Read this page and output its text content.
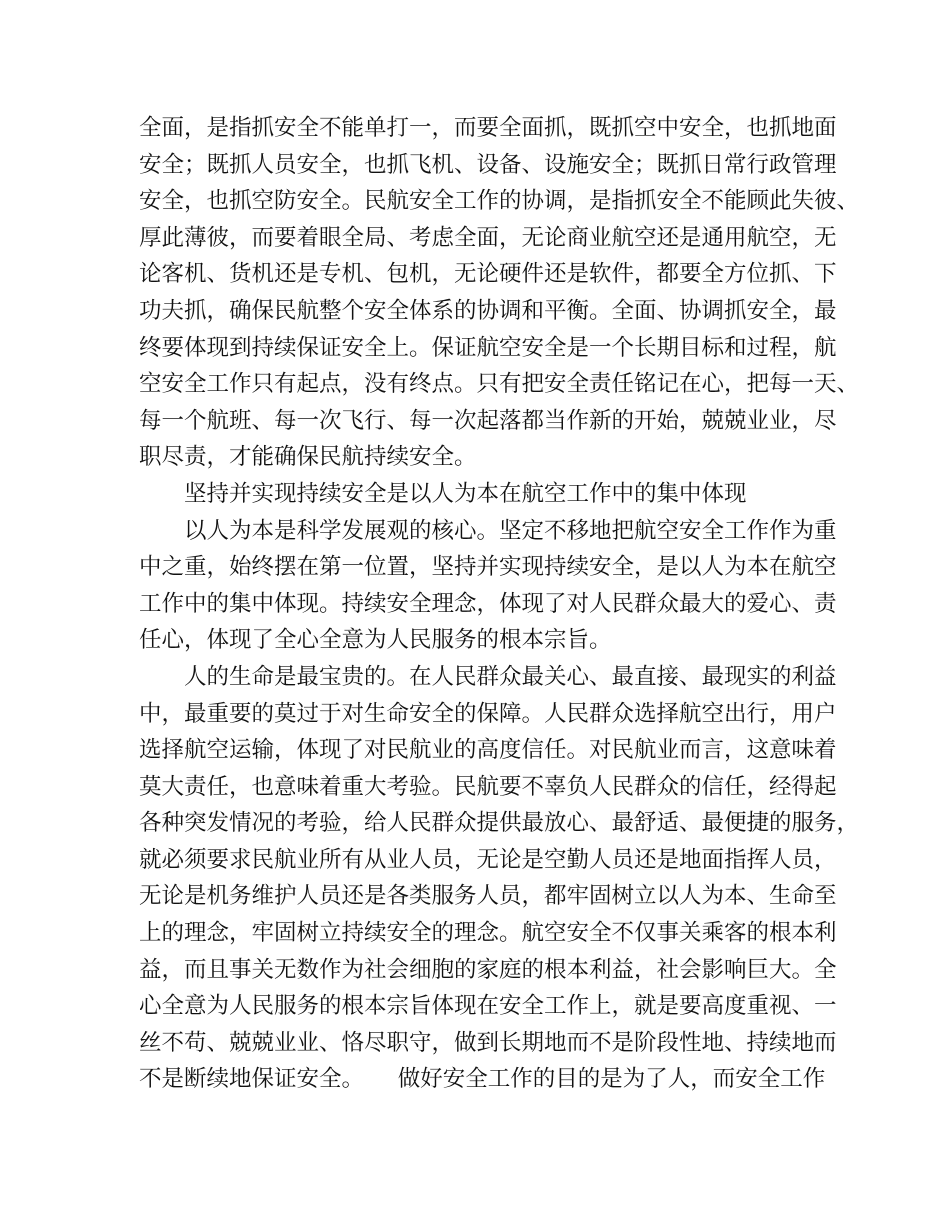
全面，是指抓安全不能单打一，而要全面抓，既抓空中安全，也抓地面
安全；既抓人员安全，也抓飞机、设备、设施安全；既抓日常行政管理
安全，也抓空防安全。民航安全工作的协调，是指抓安全不能顾此失彼、
厚此薄彼，而要着眼全局、考虑全面，无论商业航空还是通用航空，无
论客机、货机还是专机、包机，无论硬件还是软件，都要全方位抓、下
功夫抓，确保民航整个安全体系的协调和平衡。全面、协调抓安全，最
终要体现到持续保证安全上。保证航空安全是一个长期目标和过程，航
空安全工作只有起点，没有终点。只有把安全责任铭记在心，把每一天、
每一个航班、每一次飞行、每一次起落都当作新的开始，兢兢业业，尽
职尽责，才能确保民航持续安全。
坚持并实现持续安全是以人为本在航空工作中的集中体现
以人为本是科学发展观的核心。坚定不移地把航空安全工作作为重
中之重，始终摆在第一位置，坚持并实现持续安全，是以人为本在航空
工作中的集中体现。持续安全理念，体现了对人民群众最大的爱心、责
任心，体现了全心全意为人民服务的根本宗旨。
人的生命是最宝贵的。在人民群众最关心、最直接、最现实的利益
中，最重要的莫过于对生命安全的保障。人民群众选择航空出行，用户
选择航空运输，体现了对民航业的高度信任。对民航业而言，这意味着
莫大责任，也意味着重大考验。民航要不辜负人民群众的信任，经得起
各种突发情况的考验，给人民群众提供最放心、最舒适、最便捷的服务，
就必须要求民航业所有从业人员，无论是空勤人员还是地面指挥人员，
无论是机务维护人员还是各类服务人员，都牢固树立以人为本、生命至
上的理念，牢固树立持续安全的理念。航空安全不仅事关乘客的根本利
益，而且事关无数作为社会细胞的家庭的根本利益，社会影响巨大。全
心全意为人民服务的根本宗旨体现在安全工作上，就是要高度重视、一
丝不苟、兢兢业业、恪尽职守，做到长期地而不是阶段性地、持续地而
不是断续地保证安全。　　做好安全工作的目的是为了人，而安全工作
